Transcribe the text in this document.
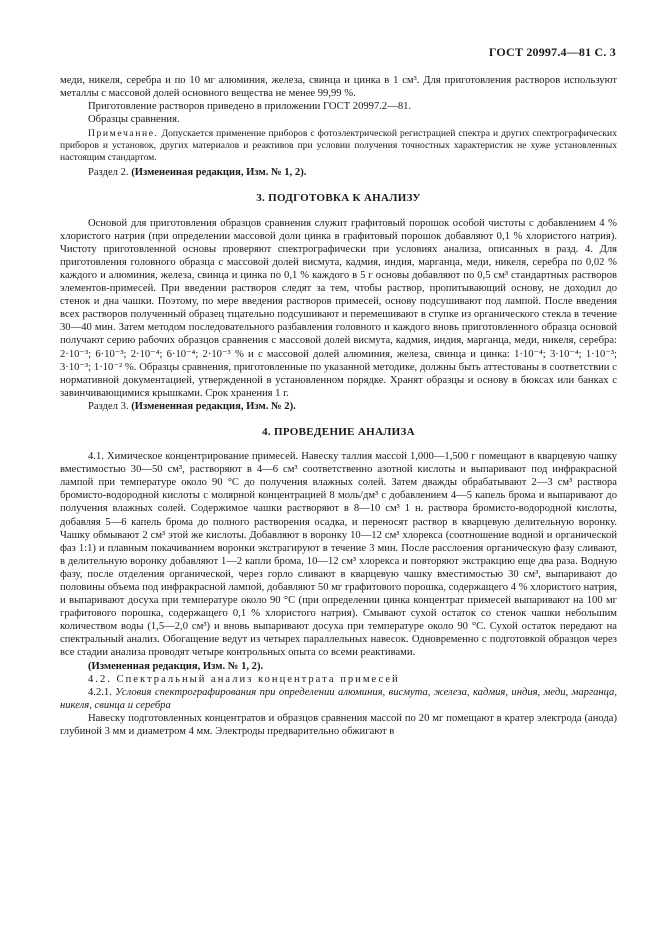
ГОСТ 20997.4—81 С. 3

меди, никеля, серебра и по 10 мг алюминия, железа, свинца и цинка в 1 см³. Для приготовления растворов используют металлы с массовой долей основного вещества не менее 99,99 %.

Приготовление растворов приведено в приложении ГОСТ 20997.2—81.

Образцы сравнения.

Примечание. Допускается применение приборов с фотоэлектрической регистрацией спектра и других спектрографических приборов и установок, других материалов и реактивов при условии получения точностных характеристик не хуже установленных настоящим стандартом.

Раздел 2. (Измененная редакция, Изм. № 1, 2).

3. ПОДГОТОВКА К АНАЛИЗУ

Основой для приготовления образцов сравнения служит графитовый порошок особой чистоты с добавлением 4 % хлористого натрия (при определении массовой доли цинка в графитовый порошок добавляют 0,1 % хлористого натрия). Чистоту приготовленной основы проверяют спектрографически при условиях анализа, описанных в разд. 4. Для приготовления головного образца с массовой долей висмута, кадмия, индия, марганца, меди, никеля, серебра по 0,02 % каждого и алюминия, железа, свинца и цинка по 0,1 % каждого в 5 г основы добавляют по 0,5 см³ стандартных растворов элементов-примесей. При введении растворов следят за тем, чтобы раствор, пропитывающий основу, не доходил до стенок и дна чашки. Поэтому, по мере введения растворов примесей, основу подсушивают под лампой. После введения всех растворов полученный образец тщательно подсушивают и перемешивают в ступке из органического стекла в течение 30—40 мин. Затем методом последовательного разбавления головного и каждого вновь приготовленного образца основой получают серию рабочих образцов сравнения с массовой долей висмута, кадмия, индия, марганца, меди, никеля, серебра: 2·10⁻³; 6·10⁻³; 2·10⁻⁴; 6·10⁻⁴; 2·10⁻³ % и с массовой долей алюминия, железа, свинца и цинка: 1·10⁻⁴; 3·10⁻⁴; 1·10⁻³; 3·10⁻³; 1·10⁻² %. Образцы сравнения, приготовленные по указанной методике, должны быть аттестованы в соответствии с нормативной документацией, утвержденной в установленном порядке. Хранят образцы и основу в бюксах или банках с завинчивающимися крышками. Срок хранения 1 г.

Раздел 3. (Измененная редакция, Изм. № 2).

4. ПРОВЕДЕНИЕ АНАЛИЗА

4.1. Химическое концентрирование примесей. Навеску таллия массой 1,000—1,500 г помещают в кварцевую чашку вместимостью 30—50 см³, растворяют в 4—6 см³ соответственно азотной кислоты и выпаривают под инфракрасной лампой при температуре около 90 °С до получения влажных солей. Затем дважды обрабатывают 2—3 см³ раствора бромисто-водородной кислоты с молярной концентрацией 8 моль/дм³ с добавлением 4—5 капель брома и выпаривают до получения влажных солей. Содержимое чашки растворяют в 8—10 см³ 1 н. раствора бромисто-водородной кислоты, добавляя 5—6 капель брома до полного растворения осадка, и переносят раствор в кварцевую делительную воронку. Чашку обмывают 2 см³ этой же кислоты. Добавляют в воронку 10—12 см³ хлорекса (соотношение водной и органической фаз 1:1) и плавным покачиванием воронки экстрагируют в течение 3 мин. После расслоения органическую фазу сливают, в делительную воронку добавляют 1—2 капли брома, 10—12 см³ хлорекса и повторяют экстракцию еще два раза. Водную фазу, после отделения органической, через горло сливают в кварцевую чашку вместимостью 30 см³, выпаривают до половины объема под инфракрасной лампой, добавляют 50 мг графитового порошка, содержащего 4 % хлористого натрия, и выпаривают досуха при температуре около 90 °С (при определении цинка концентрат примесей выпаривают на 100 мг графитового порошка, содержащего 0,1 % хлористого натрия). Смывают сухой остаток со стенок чашки небольшим количеством воды (1,5—2,0 см³) и вновь выпаривают досуха при температуре около 90 °С. Сухой остаток передают на спектральный анализ. Обогащение ведут из четырех параллельных навесок. Одновременно с подготовкой образцов через все стадии анализа проводят четыре контрольных опыта со всеми реактивами.

(Измененная редакция, Изм. № 1, 2).

4.2. Спектральный анализ концентрата примесей

4.2.1. Условия спектрографирования при определении алюминия, висмута, железа, кадмия, индия, меди, марганца, никеля, свинца и серебра

Навеску подготовленных концентратов и образцов сравнения массой по 20 мг помещают в кратер электрода (анода) глубиной 3 мм и диаметром 4 мм. Электроды предварительно обжигают в
